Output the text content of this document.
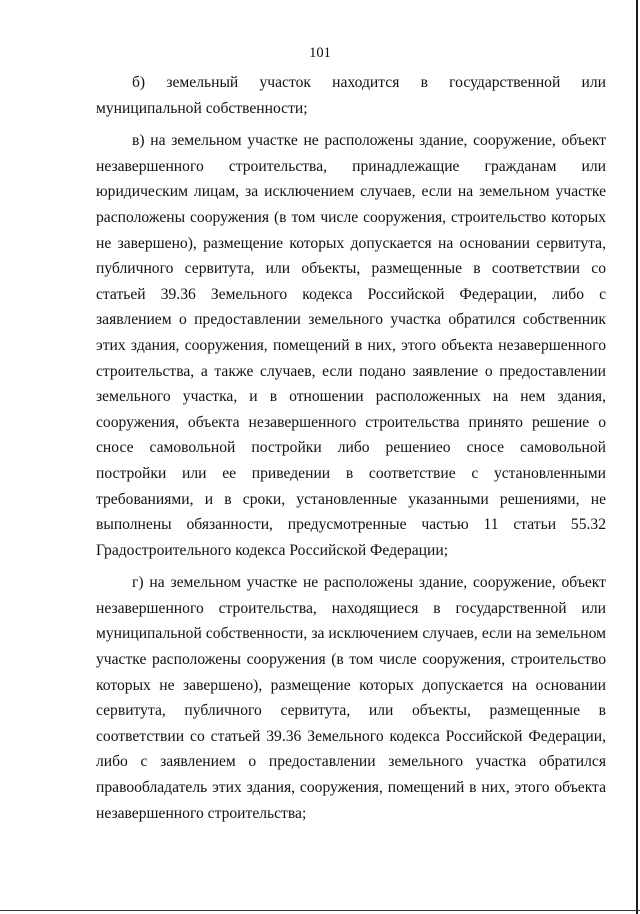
101

б) земельный участок находится в государственной или муниципальной собственности;

в) на земельном участке не расположены здание, сооружение, объект незавершенного строительства, принадлежащие гражданам или юридическим лицам, за исключением случаев, если на земельном участке расположены сооружения (в том числе сооружения, строительство которых не завершено), размещение которых допускается на основании сервитута, публичного сервитута, или объекты, размещенные в соответствии со статьей 39.36 Земельного кодекса Российской Федерации, либо с заявлением о предоставлении земельного участка обратился собственник этих здания, сооружения, помещений в них, этого объекта незавершенного строительства, а также случаев, если подано заявление о предоставлении земельного участка, и в отношении расположенных на нем здания, сооружения, объекта незавершенного строительства принято решение о сносе самовольной постройки либо решениео сносе самовольной постройки или ее приведении в соответствие с установленными требованиями, и в сроки, установленные указанными решениями, не выполнены обязанности, предусмотренные частью 11 статьи 55.32 Градостроительного кодекса Российской Федерации;

г) на земельном участке не расположены здание, сооружение, объект незавершенного строительства, находящиеся в государственной или муниципальной собственности, за исключением случаев, если на земельном участке расположены сооружения (в том числе сооружения, строительство которых не завершено), размещение которых допускается на основании сервитута, публичного сервитута, или объекты, размещенные в соответствии со статьей 39.36 Земельного кодекса Российской Федерации, либо с заявлением о предоставлении земельного участка обратился правообладатель этих здания, сооружения, помещений в них, этого объекта незавершенного строительства;
